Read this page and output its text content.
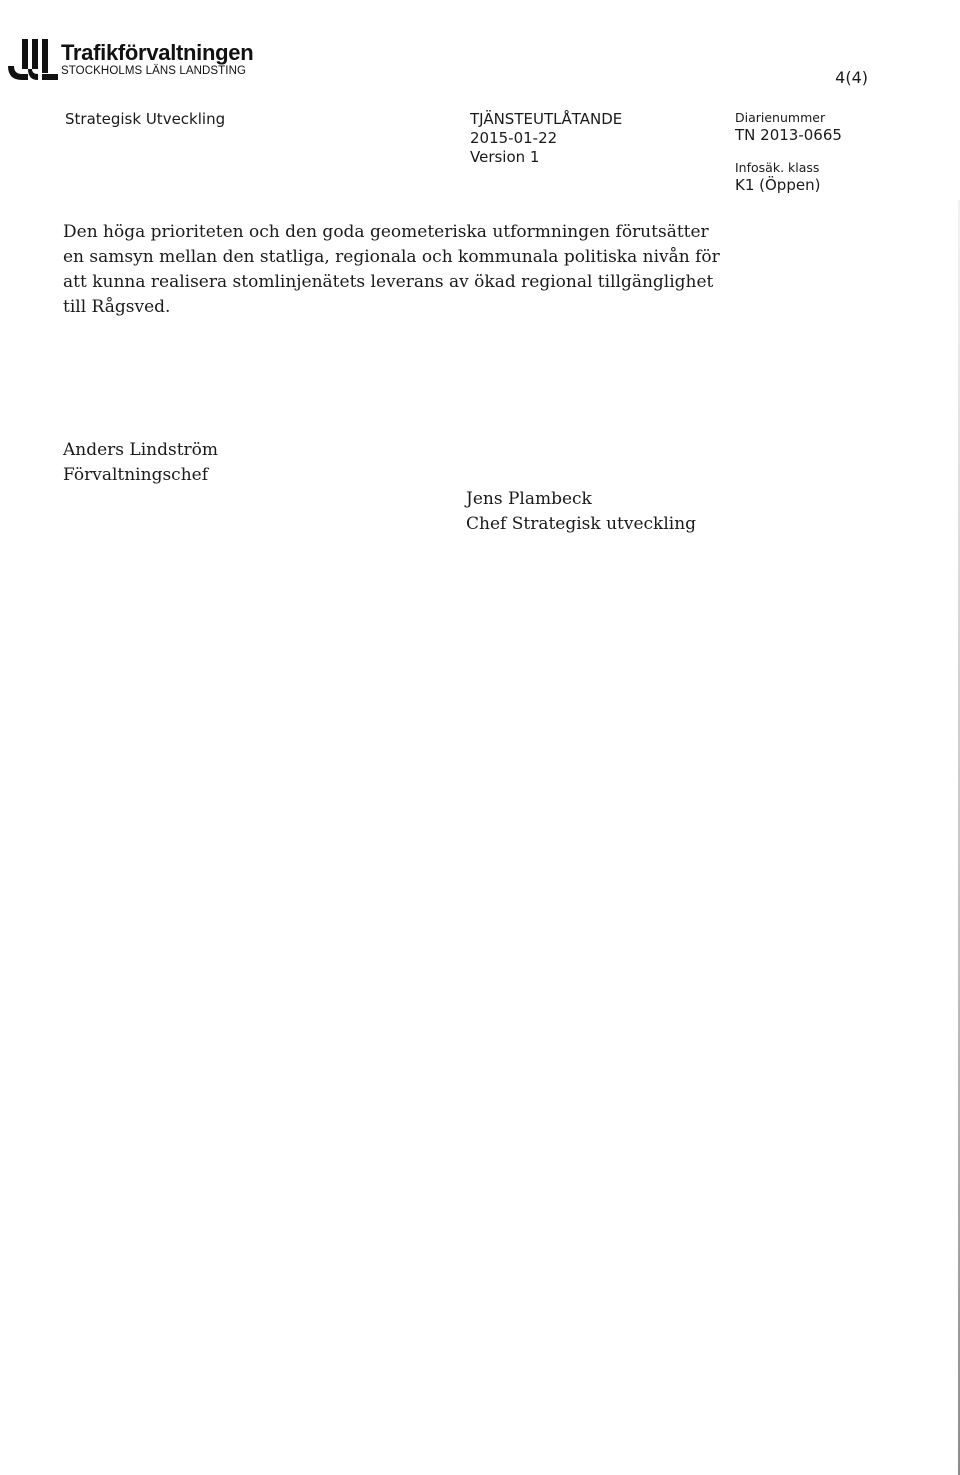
Trafikförvaltningen
STOCKHOLMS LÄNS LANDSTING	4(4)
Strategisk Utveckling	TJÄNSTEUTLÅTANDE
2015-01-22
Version 1
Diarienummer
TN 2013-0665
Infosäk. klass
K1 (Öppen)
Den höga prioriteten och den goda geometeriska utformningen förutsätter en samsyn mellan den statliga, regionala och kommunala politiska nivån för att kunna realisera stomlinjenätets leverans av ökad regional tillgänglighet till Rågsved.
Anders Lindström
Förvaltningschef
Jens Plambeck
Chef Strategisk utveckling
